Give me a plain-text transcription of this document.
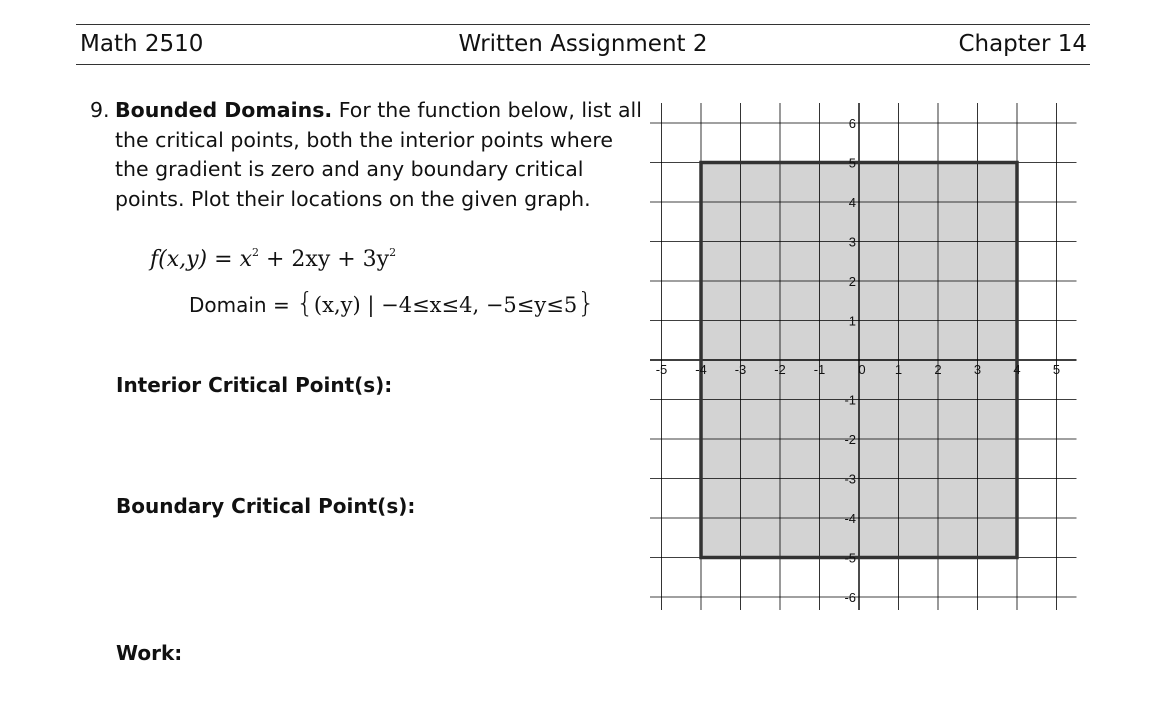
Math 2510	Written Assignment 2	Chapter 14
9. Bounded Domains. For the function below, list all the critical points, both the interior points where the gradient is zero and any boundary critical points. Plot their locations on the given graph.
$f(x,y) = x^2 + 2xy + 3y^2$
Domain = {(x,y) | −4≤x≤4, −5≤y≤5}
Interior Critical Point(s):
Boundary Critical Point(s):
Work:
-5 -4 -3 -2 -1	0 1 2 3 4 5
6
5
4
3
2
1
-1
-2
-3
-4
-5
-6
